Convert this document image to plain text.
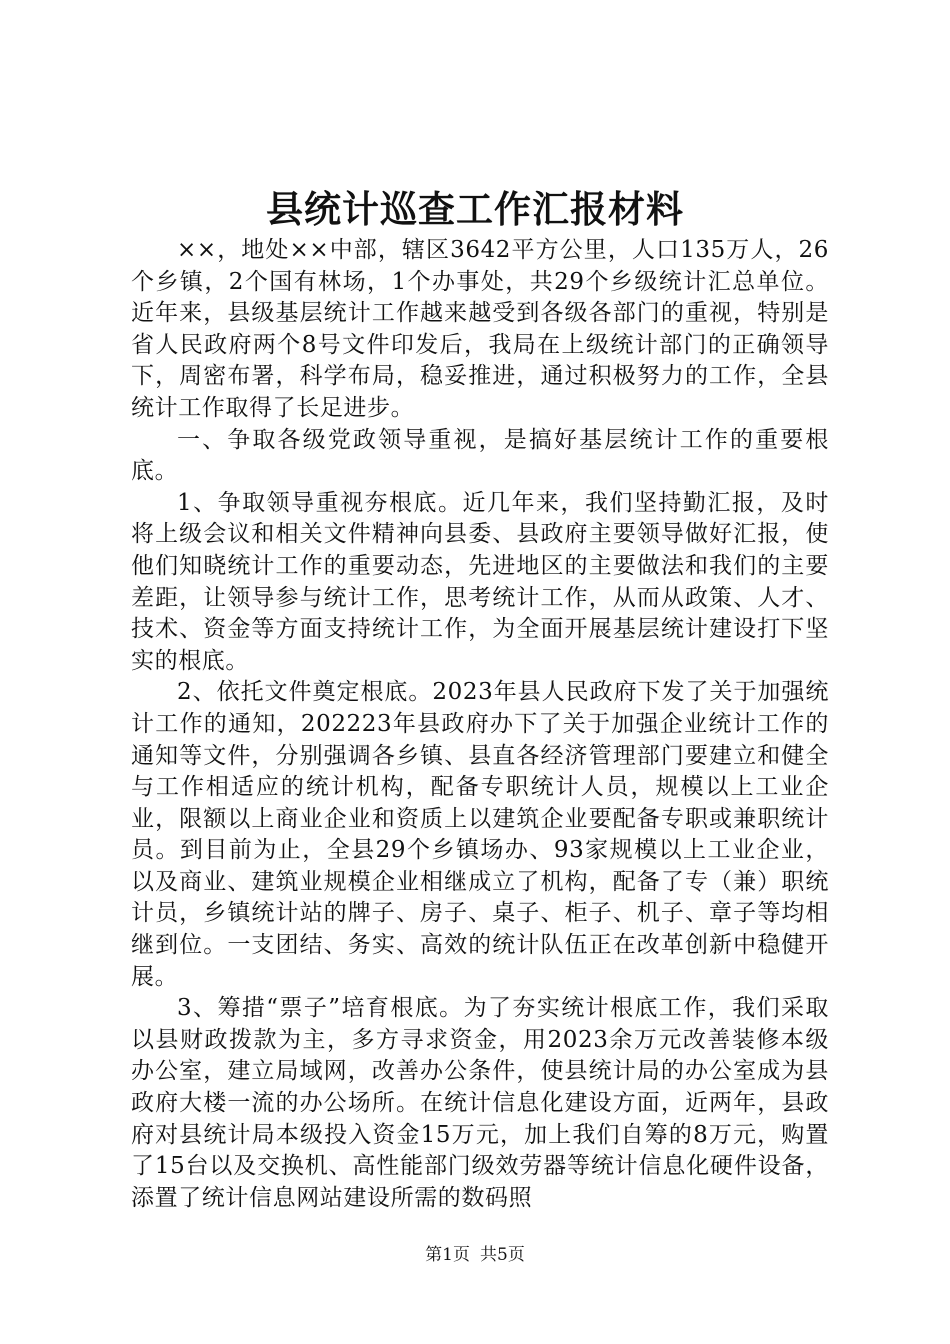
县统计巡查工作汇报材料

××，地处××中部，辖区3642平方公里，人口135万人，26个乡镇，2个国有林场，1个办事处，共29个乡级统计汇总单位。近年来，县级基层统计工作越来越受到各级各部门的重视，特别是省人民政府两个8号文件印发后，我局在上级统计部门的正确领导下，周密布署，科学布局，稳妥推进，通过积极努力的工作，全县统计工作取得了长足进步。

一、争取各级党政领导重视，是搞好基层统计工作的重要根底。

1、争取领导重视夯根底。近几年来，我们坚持勤汇报，及时将上级会议和相关文件精神向县委、县政府主要领导做好汇报，使他们知晓统计工作的重要动态，先进地区的主要做法和我们的主要差距，让领导参与统计工作，思考统计工作，从而从政策、人才、技术、资金等方面支持统计工作，为全面开展基层统计建设打下坚实的根底。

2、依托文件奠定根底。2023年县人民政府下发了关于加强统计工作的通知，202223年县政府办下了关于加强企业统计工作的通知等文件，分别强调各乡镇、县直各经济管理部门要建立和健全与工作相适应的统计机构，配备专职统计人员，规模以上工业企业，限额以上商业企业和资质上以建筑企业要配备专职或兼职统计员。到目前为止，全县29个乡镇场办、93家规模以上工业企业，以及商业、建筑业规模企业相继成立了机构，配备了专（兼）职统计员，乡镇统计站的牌子、房子、桌子、柜子、机子、章子等均相继到位。一支团结、务实、高效的统计队伍正在改革创新中稳健开展。

3、筹措“票子”培育根底。为了夯实统计根底工作，我们采取以县财政拨款为主，多方寻求资金，用2023余万元改善装修本级办公室，建立局域网，改善办公条件，使县统计局的办公室成为县政府大楼一流的办公场所。在统计信息化建设方面，近两年，县政府对县统计局本级投入资金15万元，加上我们自筹的8万元，购置了15台以及交换机、高性能部门级效劳器等统计信息化硬件设备，添置了统计信息网站建设所需的数码照

第1页 共5页
